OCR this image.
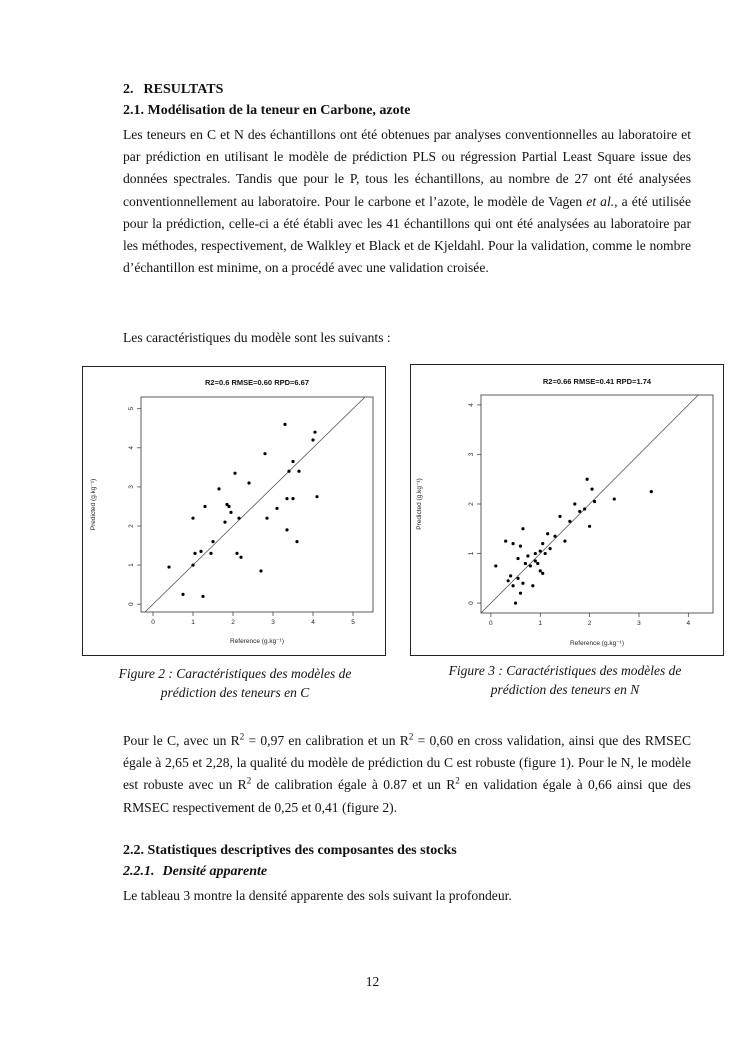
2. RESULTATS
2.1. Modélisation de la teneur en Carbone, azote

Les teneurs en C et N des échantillons ont été obtenues par analyses conventionnelles au laboratoire et par prédiction en utilisant le modèle de prédiction PLS ou régression Partial Least Square issue des données spectrales. Tandis que pour le P, tous les échantillons, au nombre de 27 ont été analysées conventionnellement au laboratoire. Pour le carbone et l’azote, le modèle de Vagen et al., a été utilisée pour la prédiction, celle-ci a été établi avec les 41 échantillons qui ont été analysées au laboratoire par les méthodes, respectivement, de Walkley et Black et de Kjeldahl. Pour la validation, comme le nombre d’échantillon est minime, on a procédé avec une validation croisée.

Les caractéristiques du modèle sont les suivants :

R2=0.6 RMSE=0.60 RPD=6.67
0	1	2	3	4	5
0
1
2
3
4
5
Reference (g.kg⁻¹)
Predicted (g.kg⁻¹)
R2=0.66 RMSE=0.41 RPD=1.74
0	1	2	3	4
0
1
2
3
4
Reference (g.kg⁻¹)
Predicted (g.kg⁻¹)
Figure 2 : Caractéristiques des modèles de prédiction des teneurs en C
Figure 3 : Caractéristiques des modèles de prédiction des teneurs en N

Pour le C, avec un $R^2 = 0,97$ en calibration et un $R^2 = 0,60$ en cross validation, ainsi que des RMSEC égale à 2,65 et 2,28, la qualité du modèle de prédiction du C est robuste (figure 1). Pour le N, le modèle est robuste avec un $R^2$ de calibration égale à 0.87 et un $R^2$ en validation égale à 0,66 ainsi que des RMSEC respectivement de 0,25 et 0,41 (figure 2).

2.2. Statistiques descriptives des composantes des stocks
2.2.1. Densité apparente

Le tableau 3 montre la densité apparente des sols suivant la profondeur.

12
